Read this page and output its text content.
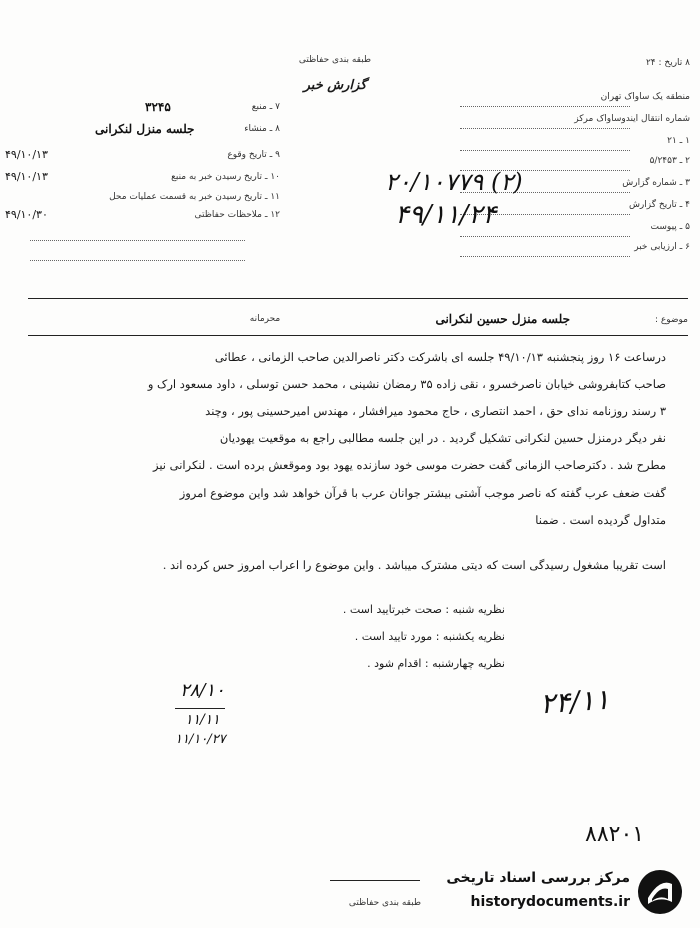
طبقه بندی حفاظتی
گزارش خبر
۸ تاریخ : ۲۴
منطقه یک ساواک تهران
شماره انتقال ایندوساواک مرکز
۱ ـ ۲۱
۲ ـ ۵/۲۴۵۳
۳ ـ شماره گزارش
۴ ـ تاریخ گزارش
۵ ـ پیوست
۶ ـ ارزیابی خبر
۷ ـ منبع
۳۲۴۵
۸ ـ منشاء
جلسه منزل لنکرانی
۹ ـ تاریخ وقوع
۴۹/۱۰/۱۳
۱۰ ـ تاریخ رسیدن خبر به منبع
۴۹/۱۰/۱۳
۱۱ ـ تاریخ رسیدن خبر به قسمت عملیات محل
۱۲ ـ ملاحظات حفاظتی
۴۹/۱۰/۳۰
۲۰/۱۰۷۷۹ (۲)
۴۹/۱۱/۲۴
موضوع :
جلسه منزل حسین لنکرانی
محرمانه
درساعت ۱۶ روز پنجشنبه ۴۹/۱۰/۱۳ جلسه ای باشرکت دکتر ناصرالدین صاحب الزمانی ، عطائی
صاحب کتابفروشی خیابان ناصرخسرو ، نقی زاده ۳۵ رمضان نشینی ، محمد حسن توسلی ، داود مسعود ارک و
۳ رسند روزنامه ندای حق ، احمد انتصاری ، حاج محمود میرافشار ، مهندس امیرحسینی پور ، وچند
نفر دیگر درمنزل حسین لنکرانی تشکیل گردید . در این جلسه مطالبی راجع به موقعیت یهودیان
مطرح شد . دکترصاحب الزمانی گفت حضرت موسی خود سازنده یهود بود وموقعش برده است . لنکرانی نیز
گفت ضعف عرب گفته که ناصر موجب آشتی بیشتر جوانان عرب با قرآن خواهد شد واین موضوع امروز
متداول گردیده است . ضمنا
است تقریبا مشغول رسیدگی است که دیتی مشترک میباشد . واین موضوع را اعراب امروز حس کرده اند .
نظریه شنبه : صحت خبرتایید است .
نظریه یکشنبه : مورد تایید است .
نظریه چهارشنبه : اقدام شود .
۲۴/۱۱
۲۸/۱۰
۱۱/۱۱
۱۱/۱۰/۲۷
۸۸۲۰۱
طبقه بندی حفاظتی
مرکز بررسی اسناد تاریخی
historydocuments.ir
